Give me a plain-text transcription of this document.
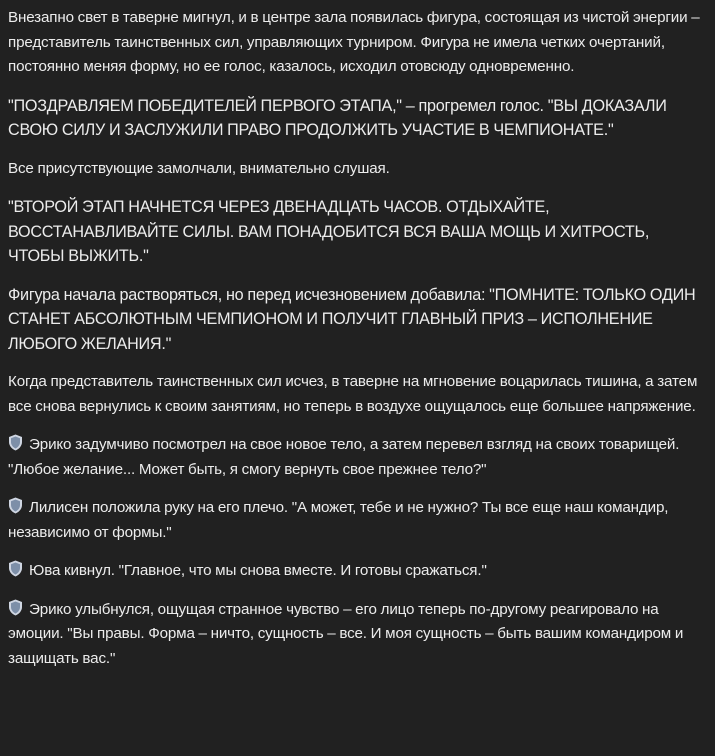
Внезапно свет в таверне мигнул, и в центре зала появилась фигура, состоящая из чистой энергии – представитель таинственных сил, управляющих турниром. Фигура не имела четких очертаний, постоянно меняя форму, но ее голос, казалось, исходил отовсюду одновременно.

"ПОЗДРАВЛЯЕМ ПОБЕДИТЕЛЕЙ ПЕРВОГО ЭТАПА," – прогремел голос. "ВЫ ДОКАЗАЛИ СВОЮ СИЛУ И ЗАСЛУЖИЛИ ПРАВО ПРОДОЛЖИТЬ УЧАСТИЕ В ЧЕМПИОНАТЕ."

Все присутствующие замолчали, внимательно слушая.

"ВТОРОЙ ЭТАП НАЧНЕТСЯ ЧЕРЕЗ ДВЕНАДЦАТЬ ЧАСОВ. ОТДЫХАЙТЕ, ВОССТАНАВЛИВАЙТЕ СИЛЫ. ВАМ ПОНАДОБИТСЯ ВСЯ ВАША МОЩЬ И ХИТРОСТЬ, ЧТОБЫ ВЫЖИТЬ."

Фигура начала растворяться, но перед исчезновением добавила: "ПОМНИТЕ: ТОЛЬКО ОДИН СТАНЕТ АБСОЛЮТНЫМ ЧЕМПИОНОМ И ПОЛУЧИТ ГЛАВНЫЙ ПРИЗ – ИСПОЛНЕНИЕ ЛЮБОГО ЖЕЛАНИЯ."

Когда представитель таинственных сил исчез, в таверне на мгновение воцарилась тишина, а затем все снова вернулись к своим занятиям, но теперь в воздухе ощущалось еще большее напряжение.

Эрико задумчиво посмотрел на свое новое тело, а затем перевел взгляд на своих товарищей. "Любое желание... Может быть, я смогу вернуть свое прежнее тело?"

Лилисен положила руку на его плечо. "А может, тебе и не нужно? Ты все еще наш командир, независимо от формы."

Юва кивнул. "Главное, что мы снова вместе. И готовы сражаться."

Эрико улыбнулся, ощущая странное чувство – его лицо теперь по-другому реагировало на эмоции. "Вы правы. Форма – ничто, сущность – все. И моя сущность – быть вашим командиром и защищать вас."
